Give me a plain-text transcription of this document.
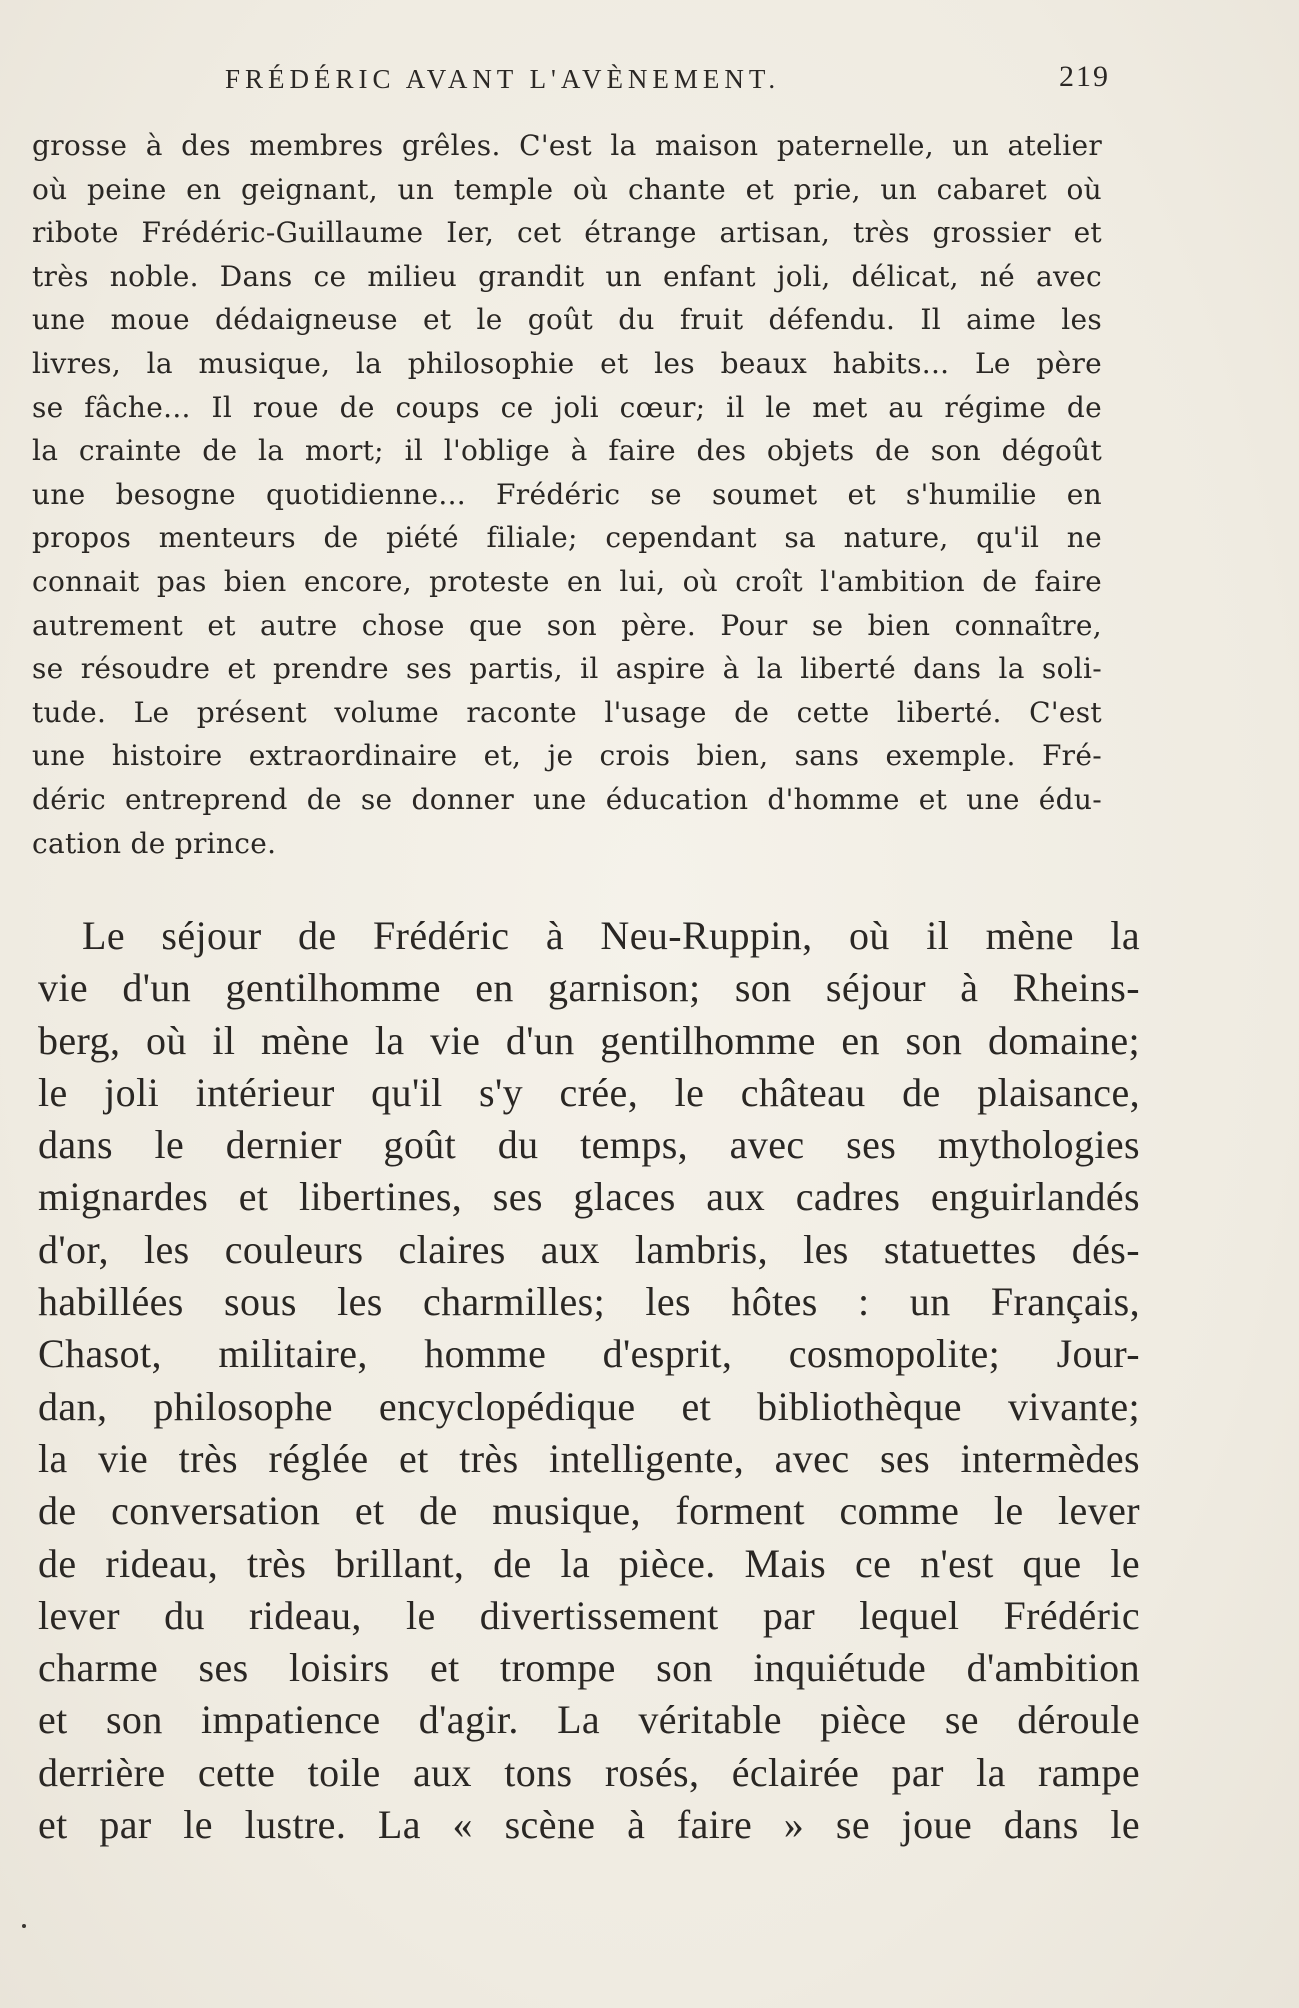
FRÉDÉRIC AVANT L'AVÈNEMENT.	219
grosse à des membres grêles. C'est la maison paternelle, un atelier
où peine en geignant, un temple où chante et prie, un cabaret où
ribote Frédéric-Guillaume Ier, cet étrange artisan, très grossier et
très noble. Dans ce milieu grandit un enfant joli, délicat, né avec
une moue dédaigneuse et le goût du fruit défendu. Il aime les
livres, la musique, la philosophie et les beaux habits... Le père
se fâche... Il roue de coups ce joli cœur; il le met au régime de
la crainte de la mort; il l'oblige à faire des objets de son dégoût
une besogne quotidienne... Frédéric se soumet et s'humilie en
propos menteurs de piété filiale; cependant sa nature, qu'il ne
connait pas bien encore, proteste en lui, où croît l'ambition de faire
autrement et autre chose que son père. Pour se bien connaître,
se résoudre et prendre ses partis, il aspire à la liberté dans la soli-
tude. Le présent volume raconte l'usage de cette liberté. C'est
une histoire extraordinaire et, je crois bien, sans exemple. Fré-
déric entreprend de se donner une éducation d'homme et une édu-
cation de prince.
Le séjour de Frédéric à Neu-Ruppin, où il mène la
vie d'un gentilhomme en garnison; son séjour à Rheins-
berg, où il mène la vie d'un gentilhomme en son domaine;
le joli intérieur qu'il s'y crée, le château de plaisance,
dans le dernier goût du temps, avec ses mythologies
mignardes et libertines, ses glaces aux cadres enguirlandés
d'or, les couleurs claires aux lambris, les statuettes dés-
habillées sous les charmilles; les hôtes : un Français,
Chasot, militaire, homme d'esprit, cosmopolite; Jour-
dan, philosophe encyclopédique et bibliothèque vivante;
la vie très réglée et très intelligente, avec ses intermèdes
de conversation et de musique, forment comme le lever
de rideau, très brillant, de la pièce. Mais ce n'est que le
lever du rideau, le divertissement par lequel Frédéric
charme ses loisirs et trompe son inquiétude d'ambition
et son impatience d'agir. La véritable pièce se déroule
derrière cette toile aux tons rosés, éclairée par la rampe
et par le lustre. La « scène à faire » se joue dans le
